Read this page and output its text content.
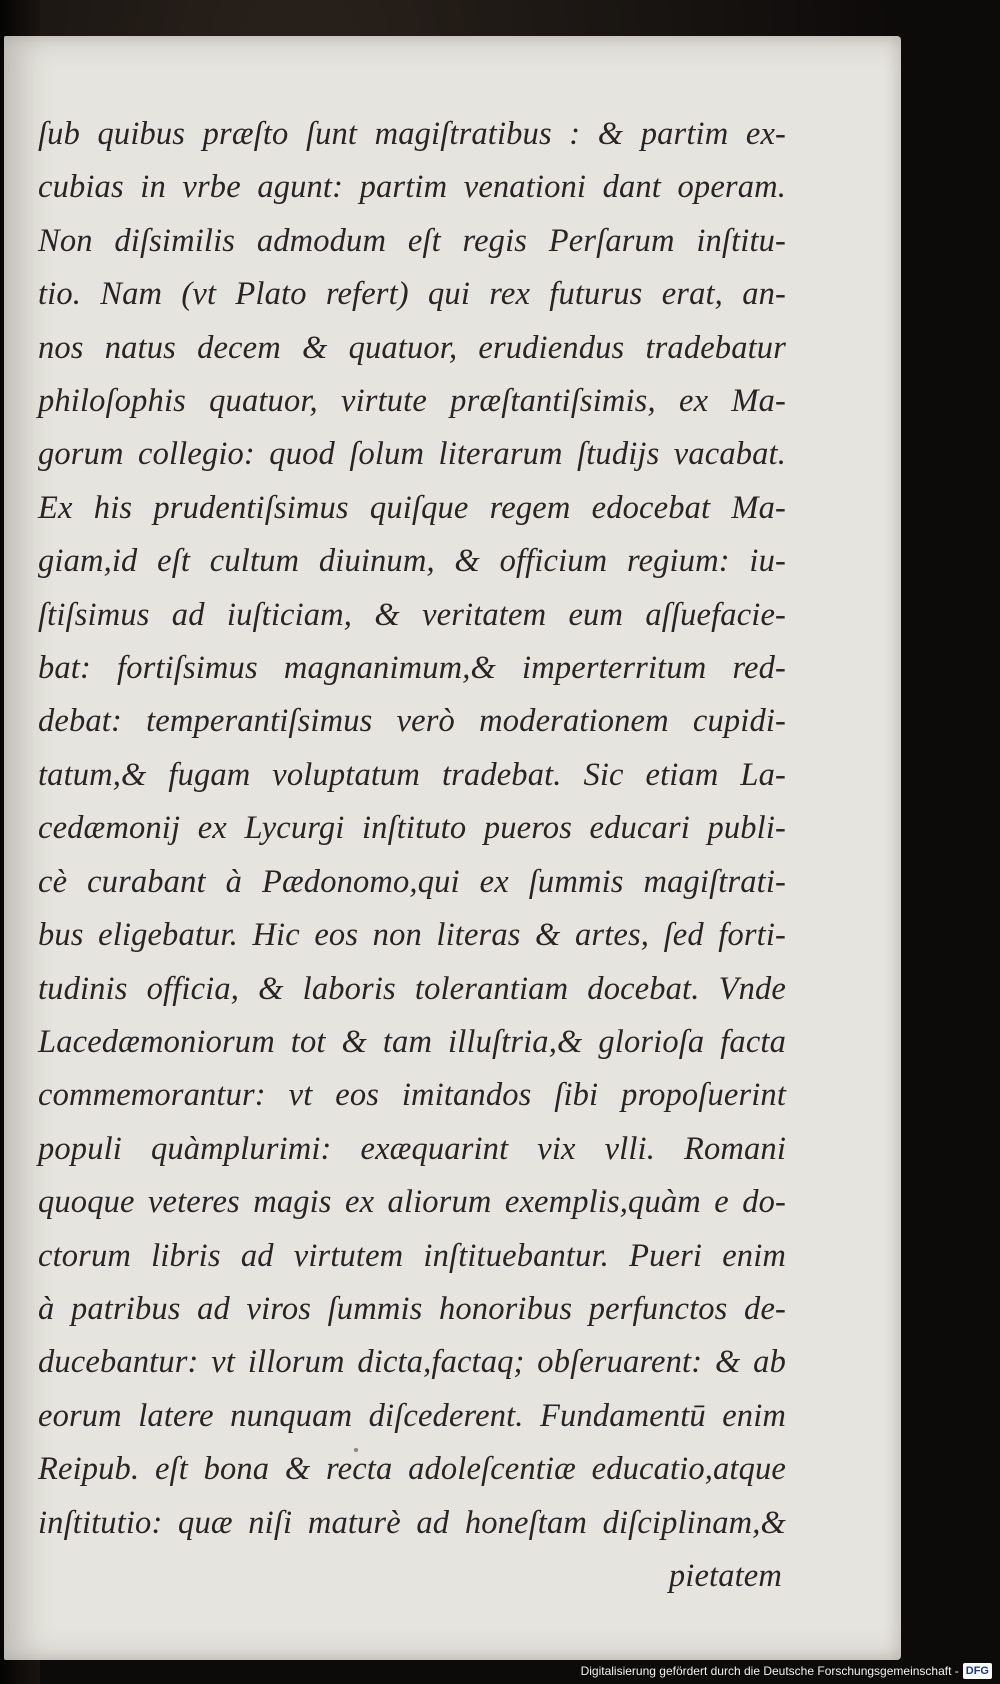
ſub quibus præſto ſunt magiſtratibus : & partim ex-
cubias in vrbe agunt: partim venationi dant operam.
Non diſsimilis admodum eſt regis Perſarum inſtitu-
tio. Nam (vt Plato refert) qui rex futurus erat, an-
nos natus decem & quatuor, erudiendus tradebatur
philoſophis quatuor, virtute præſtantiſsimis, ex Ma-
gorum collegio: quod ſolum literarum ſtudijs vacabat.
Ex his prudentiſsimus quiſque regem edocebat Ma-
giam,id eſt cultum diuinum, & officium regium: iu-
ſtiſsimus ad iuſticiam, & veritatem eum aſſuefacie-
bat: fortiſsimus magnanimum,& imperterritum red-
debat: temperantiſsimus verò moderationem cupidi-
tatum,& fugam voluptatum tradebat. Sic etiam La-
cedæmonij ex Lycurgi inſtituto pueros educari publi-
cè curabant à Pædonomo,qui ex ſummis magiſtrati-
bus eligebatur. Hic eos non literas & artes, ſed forti-
tudinis officia, & laboris tolerantiam docebat. Vnde
Lacedæmoniorum tot & tam illuſtria,& glorioſa facta
commemorantur: vt eos imitandos ſibi propoſuerint
populi quàmplurimi: exæquarint vix vlli. Romani
quoque veteres magis ex aliorum exemplis,quàm e do-
ctorum libris ad virtutem inſtituebantur. Pueri enim
à patribus ad viros ſummis honoribus perfunctos de-
ducebantur: vt illorum dicta,factaq; obſeruarent: & ab
eorum latere nunquam diſcederent. Fundamentū enim
Reipub. eſt bona & recta adoleſcentiæ educatio,atque
inſtitutio: quæ niſi maturè ad honeſtam diſciplinam,&
pietatem
Digitalisierung gefördert durch die Deutsche Forschungsgemeinschaft - DFG
